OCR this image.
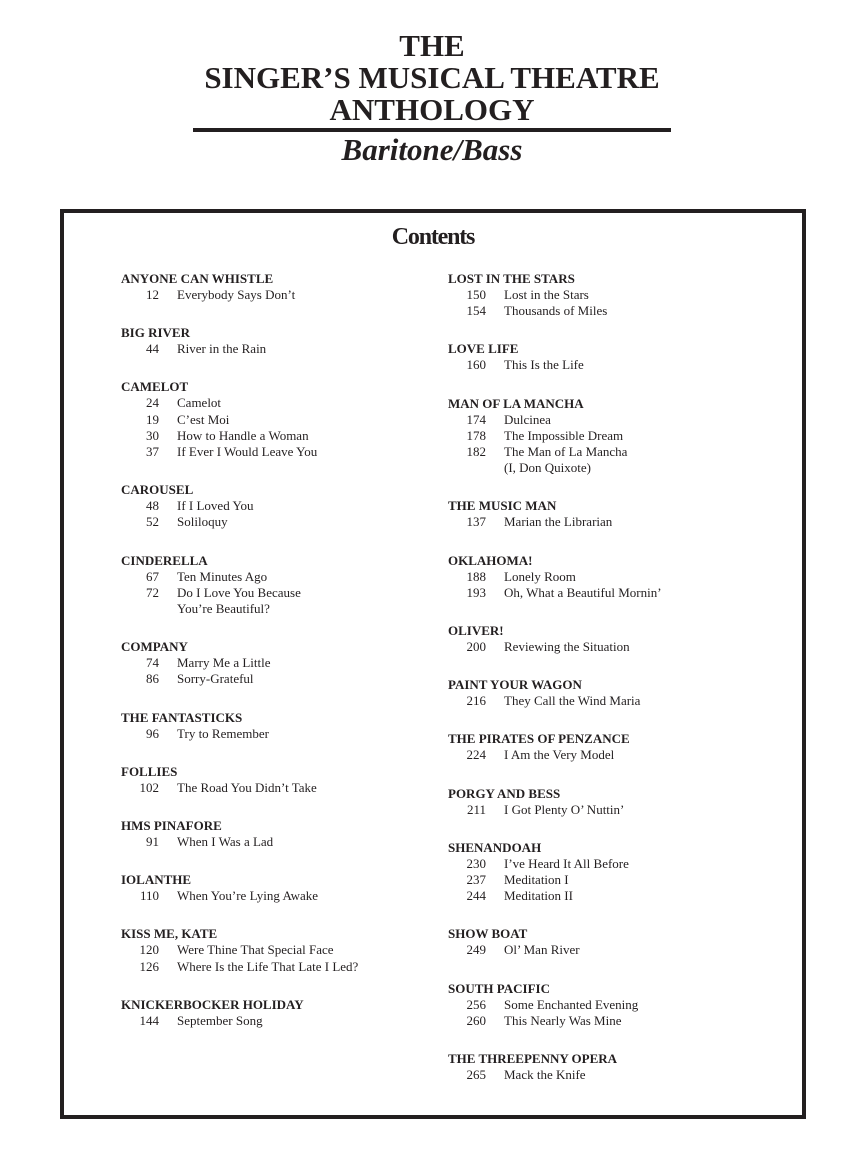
THE
SINGER’S MUSICAL THEATRE
ANTHOLOGY
Baritone/Bass
Contents
ANYONE CAN WHISTLE
12 Everybody Says Don’t
BIG RIVER
44 River in the Rain
CAMELOT
24 Camelot
19 C’est Moi
30 How to Handle a Woman
37 If Ever I Would Leave You
CAROUSEL
48 If I Loved You
52 Soliloquy
CINDERELLA
67 Ten Minutes Ago
72 Do I Love You Because
You’re Beautiful?
COMPANY
74 Marry Me a Little
86 Sorry-Grateful
THE FANTASTICKS
96 Try to Remember
FOLLIES
102 The Road You Didn’t Take
HMS PINAFORE
91 When I Was a Lad
IOLANTHE
110 When You’re Lying Awake
KISS ME, KATE
120 Were Thine That Special Face
126 Where Is the Life That Late I Led?
KNICKERBOCKER HOLIDAY
144 September Song
LOST IN THE STARS
150 Lost in the Stars
154 Thousands of Miles
LOVE LIFE
160 This Is the Life
MAN OF LA MANCHA
174 Dulcinea
178 The Impossible Dream
182 The Man of La Mancha
(I, Don Quixote)
THE MUSIC MAN
137 Marian the Librarian
OKLAHOMA!
188 Lonely Room
193 Oh, What a Beautiful Mornin’
OLIVER!
200 Reviewing the Situation
PAINT YOUR WAGON
216 They Call the Wind Maria
THE PIRATES OF PENZANCE
224 I Am the Very Model
PORGY AND BESS
211 I Got Plenty O’ Nuttin’
SHENANDOAH
230 I’ve Heard It All Before
237 Meditation I
244 Meditation II
SHOW BOAT
249 Ol’ Man River
SOUTH PACIFIC
256 Some Enchanted Evening
260 This Nearly Was Mine
THE THREEPENNY OPERA
265 Mack the Knife
